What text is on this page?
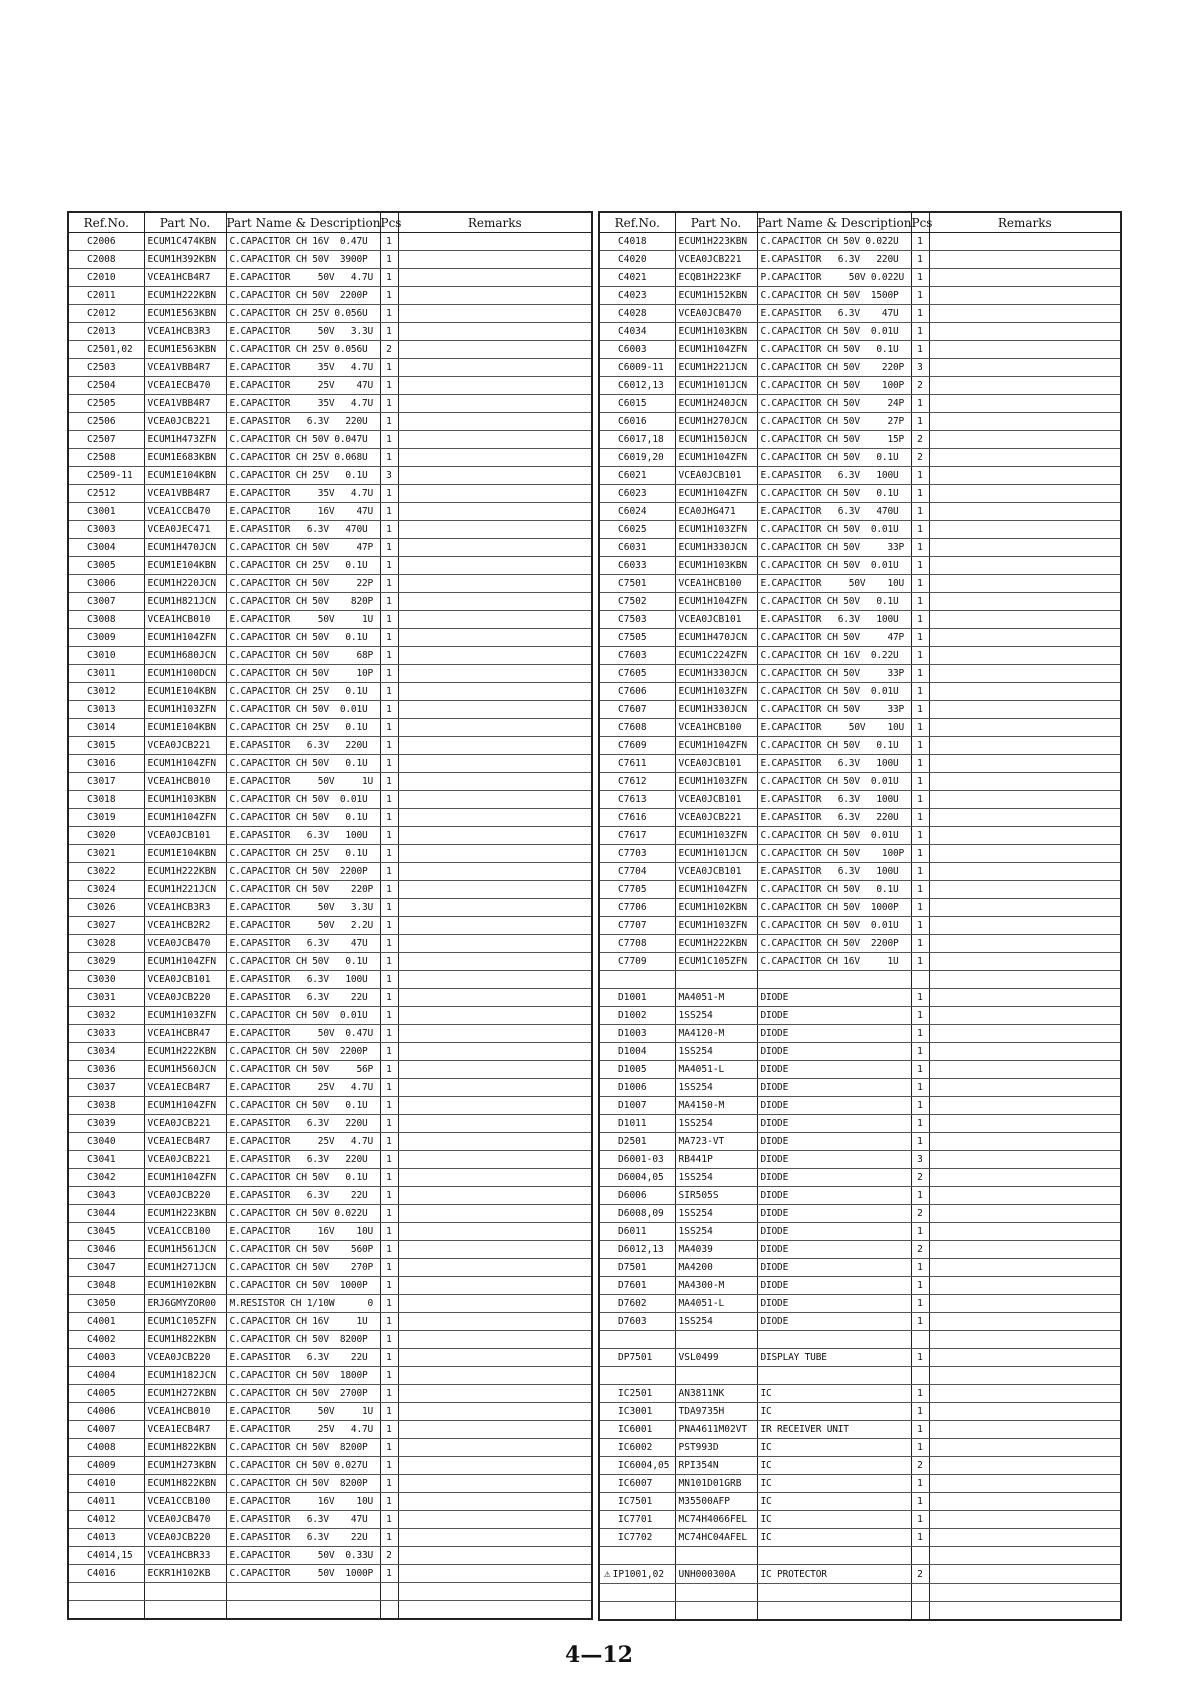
Ref.No.	Part No.	Part Name & Description	Pcs	Remarks
C2006	ECUM1C474KBN	C.CAPACITOR CH 16V  0.47U	1	
C2008	ECUM1H392KBN	C.CAPACITOR CH 50V  3900P	1	
C2010	VCEA1HCB4R7	E.CAPACITOR     50V   4.7U	1	
C2011	ECUM1H222KBN	C.CAPACITOR CH 50V  2200P	1	
C2012	ECUM1E563KBN	C.CAPACITOR CH 25V 0.056U	1	
C2013	VCEA1HCB3R3	E.CAPACITOR     50V   3.3U	1	
C2501,02	ECUM1E563KBN	C.CAPACITOR CH 25V 0.056U	2	
C2503	VCEA1VBB4R7	E.CAPACITOR     35V   4.7U	1	
C2504	VCEA1ECB470	E.CAPACITOR     25V    47U	1	
C2505	VCEA1VBB4R7	E.CAPACITOR     35V   4.7U	1	
C2506	VCEA0JCB221	E.CAPASITOR   6.3V   220U	1	
C2507	ECUM1H473ZFN	C.CAPACITOR CH 50V 0.047U	1	
C2508	ECUM1E683KBN	C.CAPACITOR CH 25V 0.068U	1	
C2509-11	ECUM1E104KBN	C.CAPACITOR CH 25V   0.1U	3	
C2512	VCEA1VBB4R7	E.CAPACITOR     35V   4.7U	1	
C3001	VCEA1CCB470	E.CAPACITOR     16V    47U	1	
C3003	VCEA0JEC471	E.CAPASITOR   6.3V   470U	1	
C3004	ECUM1H470JCN	C.CAPACITOR CH 50V     47P	1	
C3005	ECUM1E104KBN	C.CAPACITOR CH 25V   0.1U	1	
C3006	ECUM1H220JCN	C.CAPACITOR CH 50V     22P	1	
C3007	ECUM1H821JCN	C.CAPACITOR CH 50V    820P	1	
C3008	VCEA1HCB010	E.CAPACITOR     50V     1U	1	
C3009	ECUM1H104ZFN	C.CAPACITOR CH 50V   0.1U	1	
C3010	ECUM1H680JCN	C.CAPACITOR CH 50V     68P	1	
C3011	ECUM1H100DCN	C.CAPACITOR CH 50V     10P	1	
C3012	ECUM1E104KBN	C.CAPACITOR CH 25V   0.1U	1	
C3013	ECUM1H103ZFN	C.CAPACITOR CH 50V  0.01U	1	
C3014	ECUM1E104KBN	C.CAPACITOR CH 25V   0.1U	1	
C3015	VCEA0JCB221	E.CAPASITOR   6.3V   220U	1	
C3016	ECUM1H104ZFN	C.CAPACITOR CH 50V   0.1U	1	
C3017	VCEA1HCB010	E.CAPACITOR     50V     1U	1	
C3018	ECUM1H103KBN	C.CAPACITOR CH 50V  0.01U	1	
C3019	ECUM1H104ZFN	C.CAPACITOR CH 50V   0.1U	1	
C3020	VCEA0JCB101	E.CAPASITOR   6.3V   100U	1	
C3021	ECUM1E104KBN	C.CAPACITOR CH 25V   0.1U	1	
C3022	ECUM1H222KBN	C.CAPACITOR CH 50V  2200P	1	
C3024	ECUM1H221JCN	C.CAPACITOR CH 50V    220P	1	
C3026	VCEA1HCB3R3	E.CAPACITOR     50V   3.3U	1	
C3027	VCEA1HCB2R2	E.CAPACITOR     50V   2.2U	1	
C3028	VCEA0JCB470	E.CAPASITOR   6.3V    47U	1	
C3029	ECUM1H104ZFN	C.CAPACITOR CH 50V   0.1U	1	
C3030	VCEA0JCB101	E.CAPASITOR   6.3V   100U	1	
C3031	VCEA0JCB220	E.CAPASITOR   6.3V    22U	1	
C3032	ECUM1H103ZFN	C.CAPACITOR CH 50V  0.01U	1	
C3033	VCEA1HCBR47	E.CAPACITOR     50V  0.47U	1	
C3034	ECUM1H222KBN	C.CAPACITOR CH 50V  2200P	1	
C3036	ECUM1H560JCN	C.CAPACITOR CH 50V     56P	1	
C3037	VCEA1ECB4R7	E.CAPACITOR     25V   4.7U	1	
C3038	ECUM1H104ZFN	C.CAPACITOR CH 50V   0.1U	1	
C3039	VCEA0JCB221	E.CAPASITOR   6.3V   220U	1	
C3040	VCEA1ECB4R7	E.CAPACITOR     25V   4.7U	1	
C3041	VCEA0JCB221	E.CAPASITOR   6.3V   220U	1	
C3042	ECUM1H104ZFN	C.CAPACITOR CH 50V   0.1U	1	
C3043	VCEA0JCB220	E.CAPASITOR   6.3V    22U	1	
C3044	ECUM1H223KBN	C.CAPACITOR CH 50V 0.022U	1	
C3045	VCEA1CCB100	E.CAPACITOR     16V    10U	1	
C3046	ECUM1H561JCN	C.CAPACITOR CH 50V    560P	1	
C3047	ECUM1H271JCN	C.CAPACITOR CH 50V    270P	1	
C3048	ECUM1H102KBN	C.CAPACITOR CH 50V  1000P	1	
C3050	ERJ6GMYZOR00	M.RESISTOR CH 1/10W      0	1	
C4001	ECUM1C105ZFN	C.CAPACITOR CH 16V     1U	1	
C4002	ECUM1H822KBN	C.CAPACITOR CH 50V  8200P	1	
C4003	VCEA0JCB220	E.CAPASITOR   6.3V    22U	1	
C4004	ECUM1H182JCN	C.CAPACITOR CH 50V  1800P	1	
C4005	ECUM1H272KBN	C.CAPACITOR CH 50V  2700P	1	
C4006	VCEA1HCB010	E.CAPACITOR     50V     1U	1	
C4007	VCEA1ECB4R7	E.CAPACITOR     25V   4.7U	1	
C4008	ECUM1H822KBN	C.CAPACITOR CH 50V  8200P	1	
C4009	ECUM1H273KBN	C.CAPACITOR CH 50V 0.027U	1	
C4010	ECUM1H822KBN	C.CAPACITOR CH 50V  8200P	1	
C4011	VCEA1CCB100	E.CAPACITOR     16V    10U	1	
C4012	VCEA0JCB470	E.CAPASITOR   6.3V    47U	1	
C4013	VCEA0JCB220	E.CAPASITOR   6.3V    22U	1	
C4014,15	VCEA1HCBR33	E.CAPACITOR     50V  0.33U	2	
C4016	ECKR1H102KB	C.CAPACITOR     50V  1000P	1	

Ref.No.	Part No.	Part Name & Description	Pcs	Remarks
C4018	ECUM1H223KBN	C.CAPACITOR CH 50V 0.022U	1	
C4020	VCEA0JCB221	E.CAPASITOR   6.3V   220U	1	
C4021	ECQB1H223KF	P.CAPACITOR     50V 0.022U	1	
C4023	ECUM1H152KBN	C.CAPACITOR CH 50V  1500P	1	
C4028	VCEA0JCB470	E.CAPASITOR   6.3V    47U	1	
C4034	ECUM1H103KBN	C.CAPACITOR CH 50V  0.01U	1	
C6003	ECUM1H104ZFN	C.CAPACITOR CH 50V   0.1U	1	
C6009-11	ECUM1H221JCN	C.CAPACITOR CH 50V    220P	3	
C6012,13	ECUM1H101JCN	C.CAPACITOR CH 50V    100P	2	
C6015	ECUM1H240JCN	C.CAPACITOR CH 50V     24P	1	
C6016	ECUM1H270JCN	C.CAPACITOR CH 50V     27P	1	
C6017,18	ECUM1H150JCN	C.CAPACITOR CH 50V     15P	2	
C6019,20	ECUM1H104ZFN	C.CAPACITOR CH 50V   0.1U	2	
C6021	VCEA0JCB101	E.CAPASITOR   6.3V   100U	1	
C6023	ECUM1H104ZFN	C.CAPACITOR CH 50V   0.1U	1	
C6024	ECA0JHG471	E.CAPACITOR   6.3V   470U	1	
C6025	ECUM1H103ZFN	C.CAPACITOR CH 50V  0.01U	1	
C6031	ECUM1H330JCN	C.CAPACITOR CH 50V     33P	1	
C6033	ECUM1H103KBN	C.CAPACITOR CH 50V  0.01U	1	
C7501	VCEA1HCB100	E.CAPACITOR     50V    10U	1	
C7502	ECUM1H104ZFN	C.CAPACITOR CH 50V   0.1U	1	
C7503	VCEA0JCB101	E.CAPASITOR   6.3V   100U	1	
C7505	ECUM1H470JCN	C.CAPACITOR CH 50V     47P	1	
C7603	ECUM1C224ZFN	C.CAPACITOR CH 16V  0.22U	1	
C7605	ECUM1H330JCN	C.CAPACITOR CH 50V     33P	1	
C7606	ECUM1H103ZFN	C.CAPACITOR CH 50V  0.01U	1	
C7607	ECUM1H330JCN	C.CAPACITOR CH 50V     33P	1	
C7608	VCEA1HCB100	E.CAPACITOR     50V    10U	1	
C7609	ECUM1H104ZFN	C.CAPACITOR CH 50V   0.1U	1	
C7611	VCEA0JCB101	E.CAPASITOR   6.3V   100U	1	
C7612	ECUM1H103ZFN	C.CAPACITOR CH 50V  0.01U	1	
C7613	VCEA0JCB101	E.CAPASITOR   6.3V   100U	1	
C7616	VCEA0JCB221	E.CAPASITOR   6.3V   220U	1	
C7617	ECUM1H103ZFN	C.CAPACITOR CH 50V  0.01U	1	
C7703	ECUM1H101JCN	C.CAPACITOR CH 50V    100P	1	
C7704	VCEA0JCB101	E.CAPASITOR   6.3V   100U	1	
C7705	ECUM1H104ZFN	C.CAPACITOR CH 50V   0.1U	1	
C7706	ECUM1H102KBN	C.CAPACITOR CH 50V  1000P	1	
C7707	ECUM1H103ZFN	C.CAPACITOR CH 50V  0.01U	1	
C7708	ECUM1H222KBN	C.CAPACITOR CH 50V  2200P	1	
C7709	ECUM1C105ZFN	C.CAPACITOR CH 16V     1U	1	

D1001	MA4051-M	DIODE	1	
D1002	1SS254	DIODE	1	
D1003	MA4120-M	DIODE	1	
D1004	1SS254	DIODE	1	
D1005	MA4051-L	DIODE	1	
D1006	1SS254	DIODE	1	
D1007	MA4150-M	DIODE	1	
D1011	1SS254	DIODE	1	
D2501	MA723-VT	DIODE	1	
D6001-03	RB441P	DIODE	3	
D6004,05	1SS254	DIODE	2	
D6006	SIR505S	DIODE	1	
D6008,09	1SS254	DIODE	2	
D6011	1SS254	DIODE	1	
D6012,13	MA4039	DIODE	2	
D7501	MA4200	DIODE	1	
D7601	MA4300-M	DIODE	1	
D7602	MA4051-L	DIODE	1	
D7603	1SS254	DIODE	1	

DP7501	VSL0499	DISPLAY TUBE	1	

IC2501	AN3811NK	IC	1	
IC3001	TDA9735H	IC	1	
IC6001	PNA4611M02VT	IR RECEIVER UNIT	1	
IC6002	PST993D	IC	1	
IC6004,05	RPI354N	IC	2	
IC6007	MN101D01GRB	IC	1	
IC7501	M35500AFP	IC	1	
IC7701	MC74H4066FEL	IC	1	
IC7702	MC74HC04AFEL	IC	1	

⚠ IP1001,02	UNH000300A	IC PROTECTOR	2	

4—12
